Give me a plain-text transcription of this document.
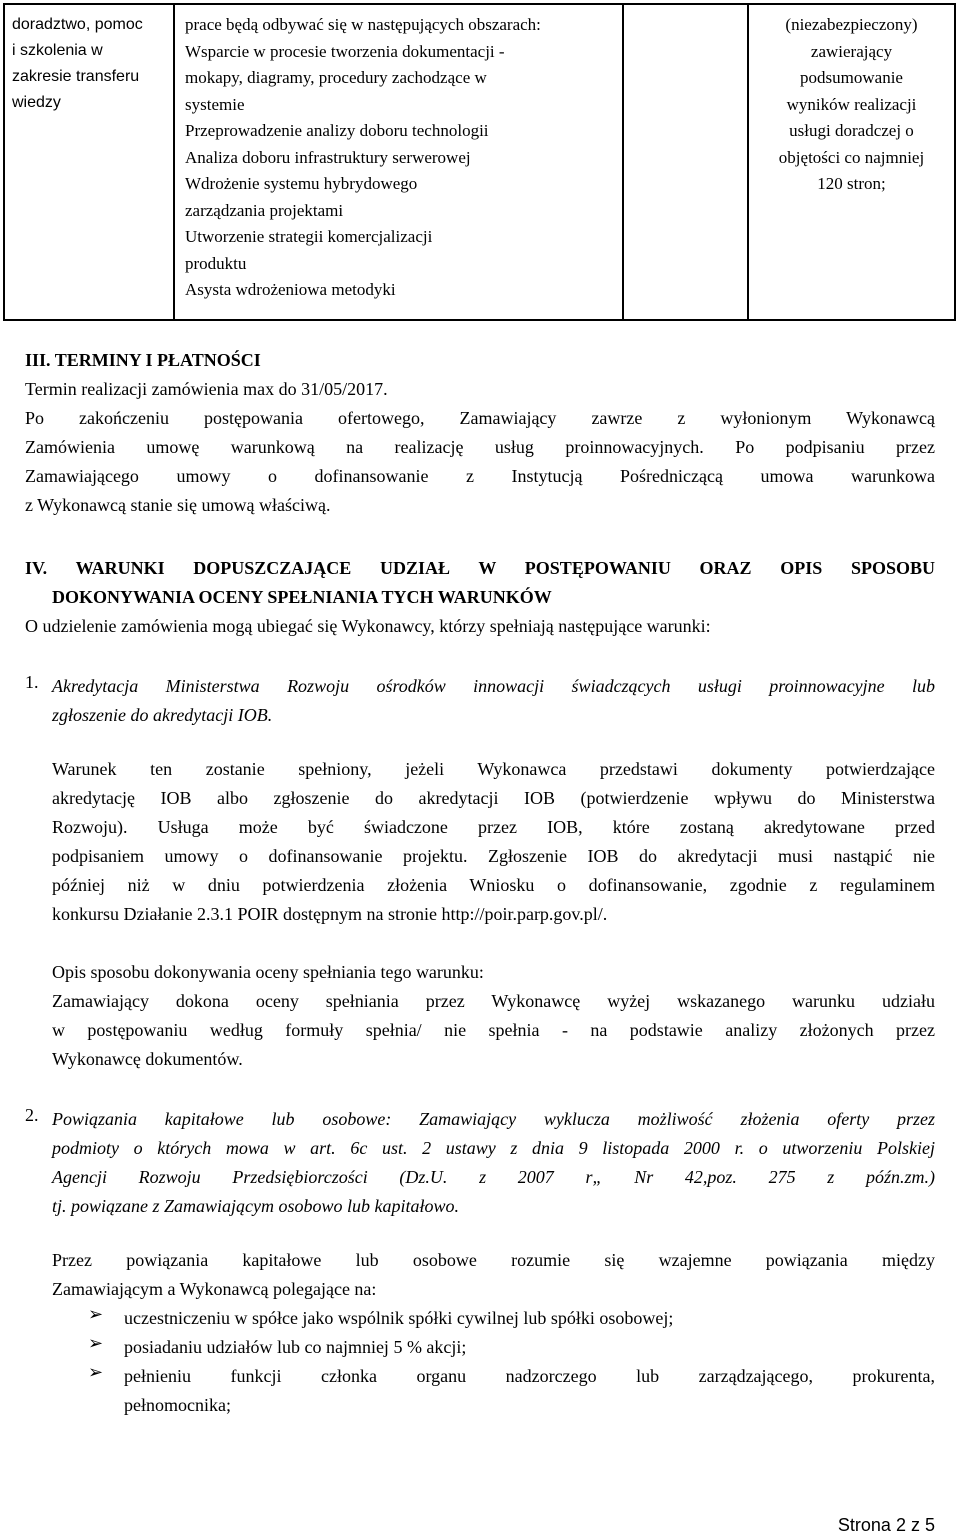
doradztwo, pomoc
i szkolenia w
zakresie transferu
wiedzy
prace będą odbywać się w następujących obszarach:
Wsparcie w procesie tworzenia dokumentacji -
mokapy, diagramy, procedury zachodzące w
systemie
Przeprowadzenie analizy doboru technologii
Analiza doboru infrastruktury serwerowej
Wdrożenie systemu hybrydowego
zarządzania projektami
Utworzenie strategii komercjalizacji
produktu
Asysta wdrożeniowa metodyki
(niezabezpieczony)
zawierający
podsumowanie
wyników realizacji
usługi doradczej o
objętości co najmniej
120 stron;
III. TERMINY I PŁATNOŚCI
Termin realizacji zamówienia max do 31/05/2017.
Po zakończeniu postępowania ofertowego, Zamawiający zawrze z wyłonionym Wykonawcą
Zamówienia umowę warunkową na realizację usług proinnowacyjnych. Po podpisaniu przez
Zamawiającego umowy o dofinansowanie z Instytucją Pośredniczącą umowa warunkowa
z Wykonawcą stanie się umową właściwą.
IV. WARUNKI DOPUSZCZAJĄCE UDZIAŁ W POSTĘPOWANIU ORAZ OPIS SPOSOBU
DOKONYWANIA OCENY SPEŁNIANIA TYCH WARUNKÓW
O udzielenie zamówienia mogą ubiegać się Wykonawcy, którzy spełniają następujące warunki:
1. Akredytacja Ministerstwa Rozwoju ośrodków innowacji świadczących usługi proinnowacyjne lub
zgłoszenie do akredytacji IOB.
Warunek ten zostanie spełniony, jeżeli Wykonawca przedstawi dokumenty potwierdzające
akredytację IOB albo zgłoszenie do akredytacji IOB (potwierdzenie wpływu do Ministerstwa
Rozwoju). Usługa może być świadczone przez IOB, które zostaną akredytowane przed
podpisaniem umowy o dofinansowanie projektu. Zgłoszenie IOB do akredytacji musi nastąpić nie
później niż w dniu potwierdzenia złożenia Wniosku o dofinansowanie, zgodnie z regulaminem
konkursu Działanie 2.3.1 POIR dostępnym na stronie http://poir.parp.gov.pl/.
Opis sposobu dokonywania oceny spełniania tego warunku:
Zamawiający dokona oceny spełniania przez Wykonawcę wyżej wskazanego warunku udziału
w postępowaniu według formuły spełnia/ nie spełnia - na podstawie analizy złożonych przez
Wykonawcę dokumentów.
2. Powiązania kapitałowe lub osobowe: Zamawiający wyklucza możliwość złożenia oferty przez
podmioty o których mowa w art. 6c ust. 2 ustawy z dnia 9 listopada 2000 r. o utworzeniu Polskiej
Agencji Rozwoju Przedsiębiorczości (Dz.U. z 2007 r„ Nr 42,poz. 275 z późn.zm.)
tj. powiązane z Zamawiającym osobowo lub kapitałowo.
Przez powiązania kapitałowe lub osobowe rozumie się wzajemne powiązania między
Zamawiającym a Wykonawcą polegające na:
➢ uczestniczeniu w spółce jako wspólnik spółki cywilnej lub spółki osobowej;
➢ posiadaniu udziałów lub co najmniej 5 % akcji;
➢ pełnieniu funkcji członka organu nadzorczego lub zarządzającego, prokurenta,
pełnomocnika;
Strona 2 z 5
